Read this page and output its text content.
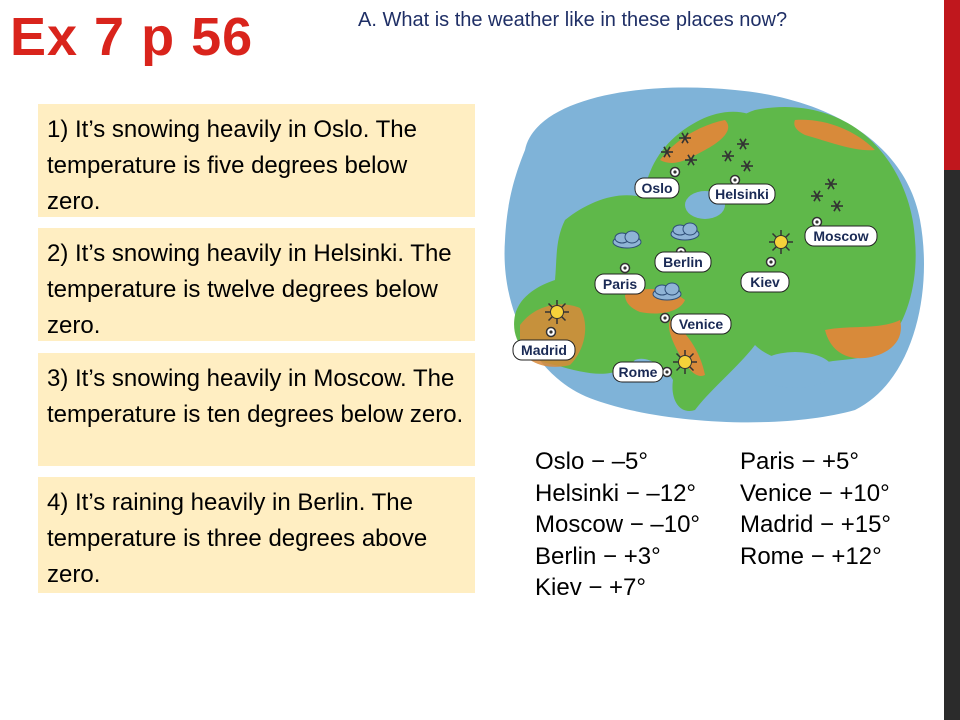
Ex 7 p 56	A. What is the weather like in these places now?
1) It’s snowing heavily in Oslo. The temperature is five degrees below zero.
2) It’s snowing heavily in Helsinki. The temperature is twelve degrees below zero.
3) It’s snowing heavily in Moscow. The temperature is ten degrees below zero.
4) It’s raining heavily in Berlin. The temperature is three degrees above zero.
Oslo	Helsinki
Moscow
Berlin
Paris	Kiev
Venice
Madrid
Rome
Oslo − –5°
Helsinki − –12°
Moscow − –10°
Berlin − +3°
Kiev − +7°
Paris − +5°
Venice − +10°
Madrid − +15°
Rome − +12°
